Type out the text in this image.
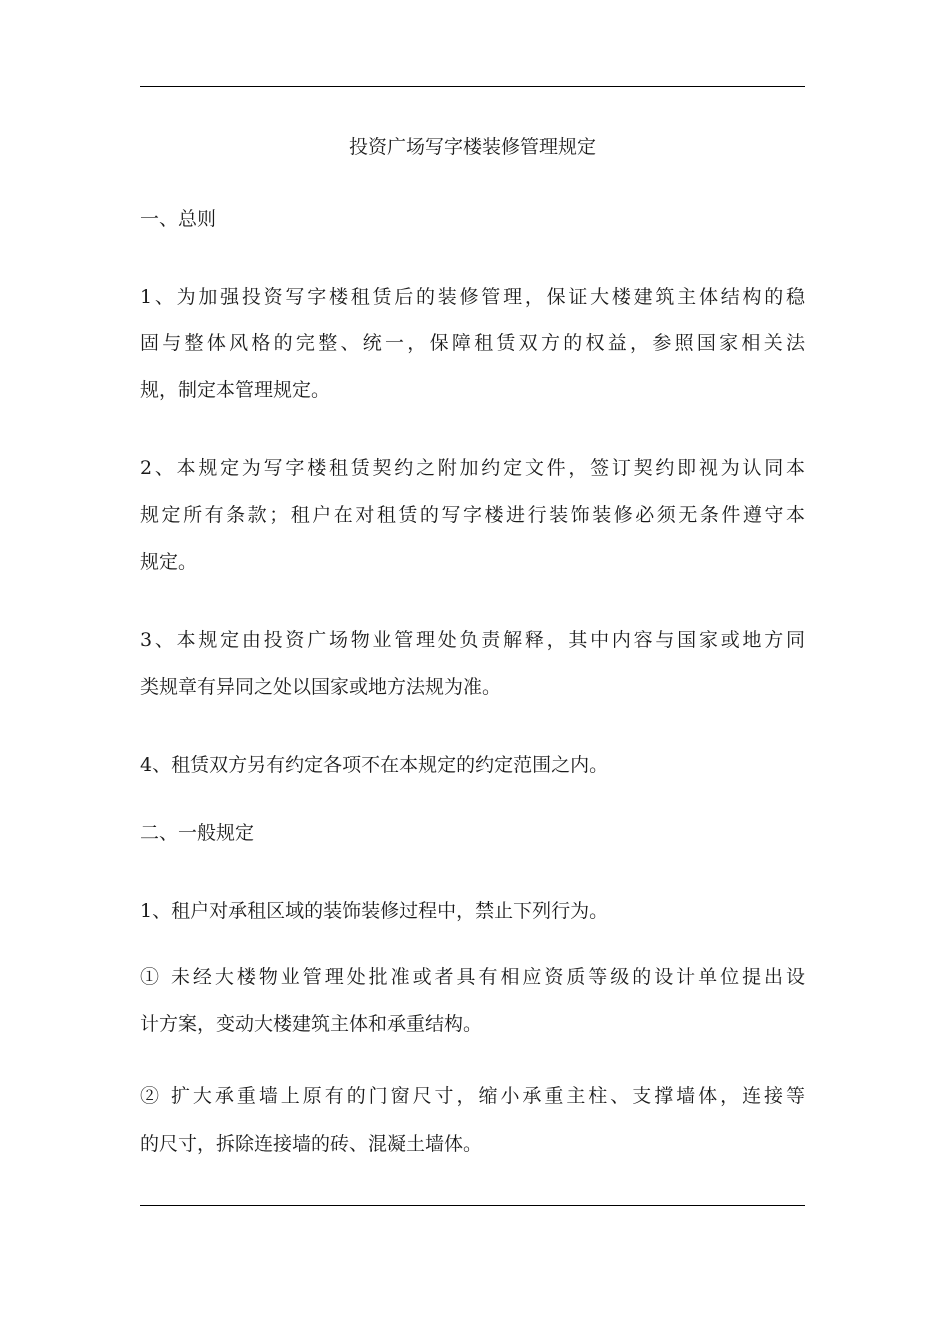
投资广场写字楼装修管理规定
一、总则
1、为加强投资写字楼租赁后的装修管理，保证大楼建筑主体结构的稳
固与整体风格的完整、统一，保障租赁双方的权益，参照国家相关法
规，制定本管理规定。
2、本规定为写字楼租赁契约之附加约定文件，签订契约即视为认同本
规定所有条款；租户在对租赁的写字楼进行装饰装修必须无条件遵守本
规定。
3、本规定由投资广场物业管理处负责解释，其中内容与国家或地方同
类规章有异同之处以国家或地方法规为准。
4、租赁双方另有约定各项不在本规定的约定范围之内。
二、一般规定
1、租户对承租区域的装饰装修过程中，禁止下列行为。
① 未经大楼物业管理处批准或者具有相应资质等级的设计单位提出设
计方案，变动大楼建筑主体和承重结构。
② 扩大承重墙上原有的门窗尺寸，缩小承重主柱、支撑墙体，连接等
的尺寸，拆除连接墙的砖、混凝土墙体。
